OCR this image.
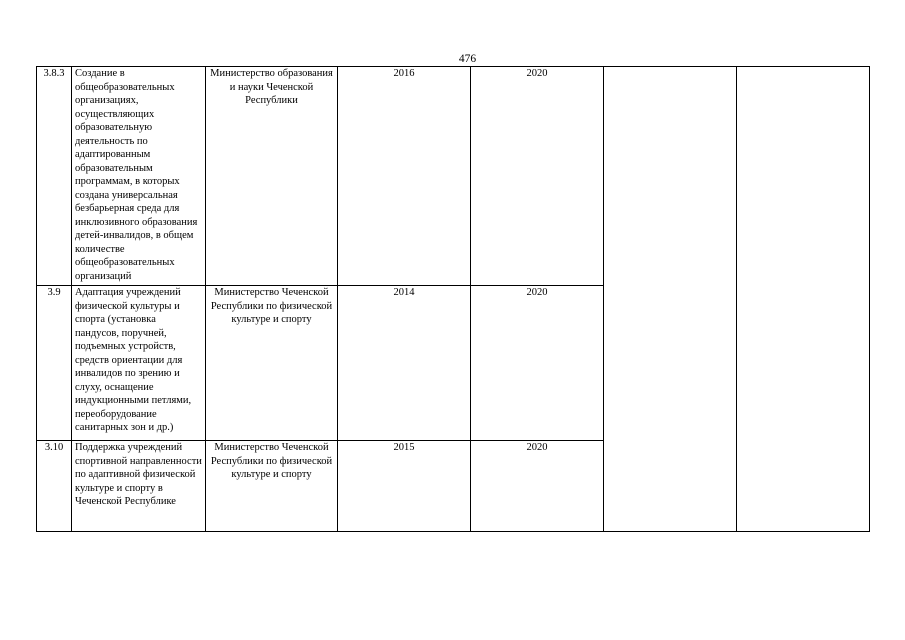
476
3.8.3	Создание в общеобразовательных организациях, осуществляющих образовательную деятельность по адаптированным образовательным программам, в которых создана универсальная безбарьерная среда для инклюзивного образования детей-инвалидов, в общем количестве общеобразовательных организаций	Министерство образования и науки Чеченской Республики	2016	2020		
3.9	Адаптация учреждений физической культуры и спорта (установка пандусов, поручней, подъемных устройств, средств ориентации для инвалидов по зрению и слуху, оснащение индукционными петлями, переоборудование санитарных зон и др.)	Министерство Чеченской Республики по физической культуре и спорту	2014	2020		
3.10	Поддержка учреждений спортивной направленности по адаптивной физической культуре и спорту в Чеченской Республике	Министерство Чеченской Республики по физической культуре и спорту	2015	2020		
